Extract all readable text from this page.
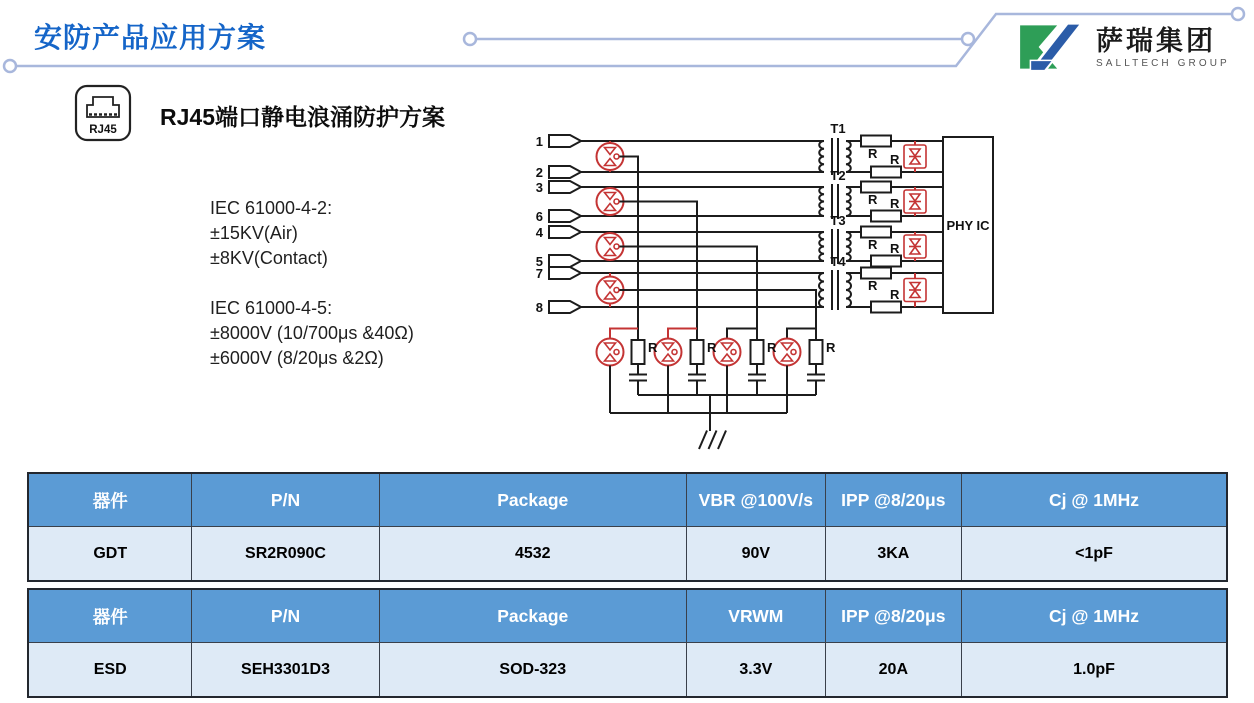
安防产品应用方案	萨瑞集团
SALLTECH GROUP
RJ45 RJ45端口静电浪涌防护方案
IEC 61000-4-2:
±15KV(Air)
±8KV(Contact)
IEC 61000-4-5:
±8000V (10/700μs &40Ω)
±6000V (8/20μs &2Ω)
1
2
3
6
4
5
7
8
T1
R R
T2
R R
T3
R R
T4
R
R
PHY IC
R	R	R	R
器件	P/N	Package	VBR @100V/s	IPP @8/20μs	Cj @ 1MHz
GDT	SR2R090C	4532	90V	3KA	<1pF
器件	P/N	Package	VRWM	IPP @8/20μs	Cj @ 1MHz
ESD	SEH3301D3	SOD-323	3.3V	20A	1.0pF
